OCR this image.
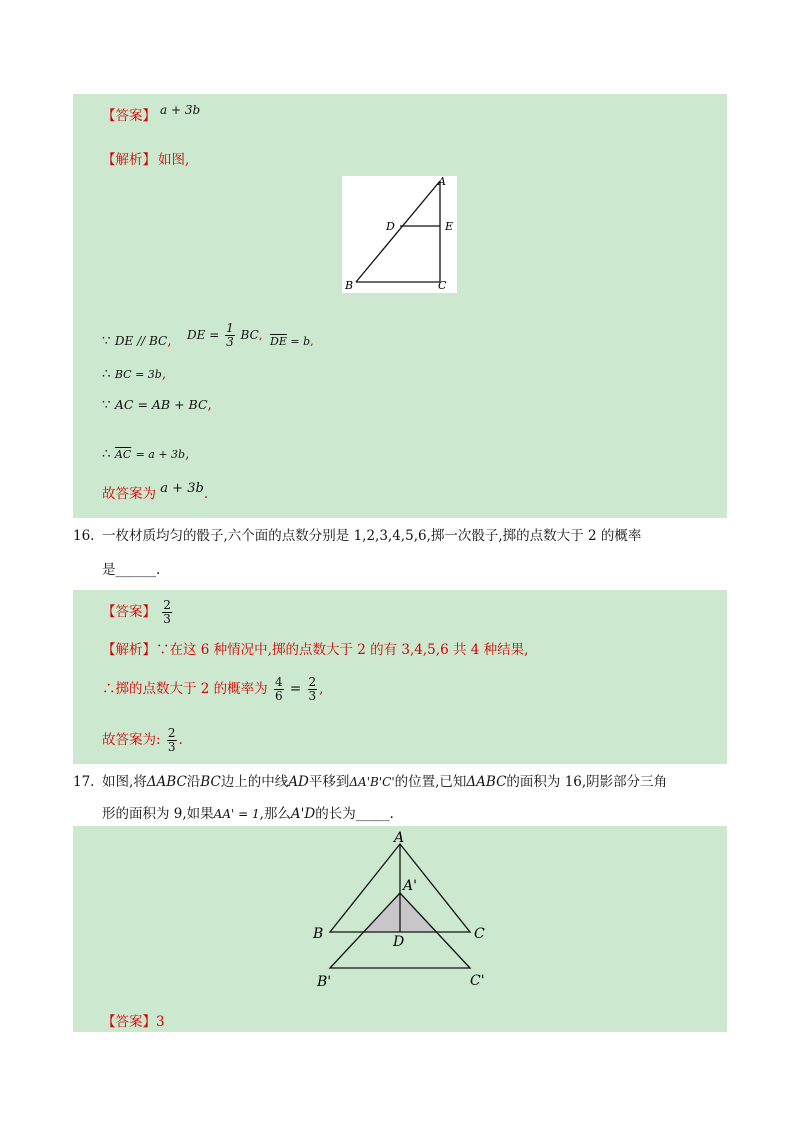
【答案】 a + 3b
【解析】 如图,
A
D	E
B	C
∵ DE // BC, DE = $\frac{1}{3}$ BC, $\overline{DE} = b$,
∴ BC = 3b,
∵ AC = AB + BC,
∴ $\overline{AC} = a + 3b$,
故答案为 a + 3b.
16. 一枚材质均匀的骰子,六个面的点数分别是 1,2,3,4,5,6,掷一次骰子,掷的点数大于 2 的概率
是______.
【答案】 $\frac{2}{3}$
【解析】∵在这 6 种情况中,掷的点数大于 2 的有 3,4,5,6 共 4 种结果,
∴掷的点数大于 2 的概率为 $\frac{4}{6} = \frac{2}{3}$ ,
故答案为: $\frac{2}{3}$ .
17. 如图,将ΔABC沿BC边上的中线AD平移到ΔA'B'C'的位置,已知ΔABC的面积为 16,阴影部分三角
形的面积为 9,如果AA' = 1,那么A'D的长为_____.
A
A'
B	D	C
B'	C'
【答案】3
